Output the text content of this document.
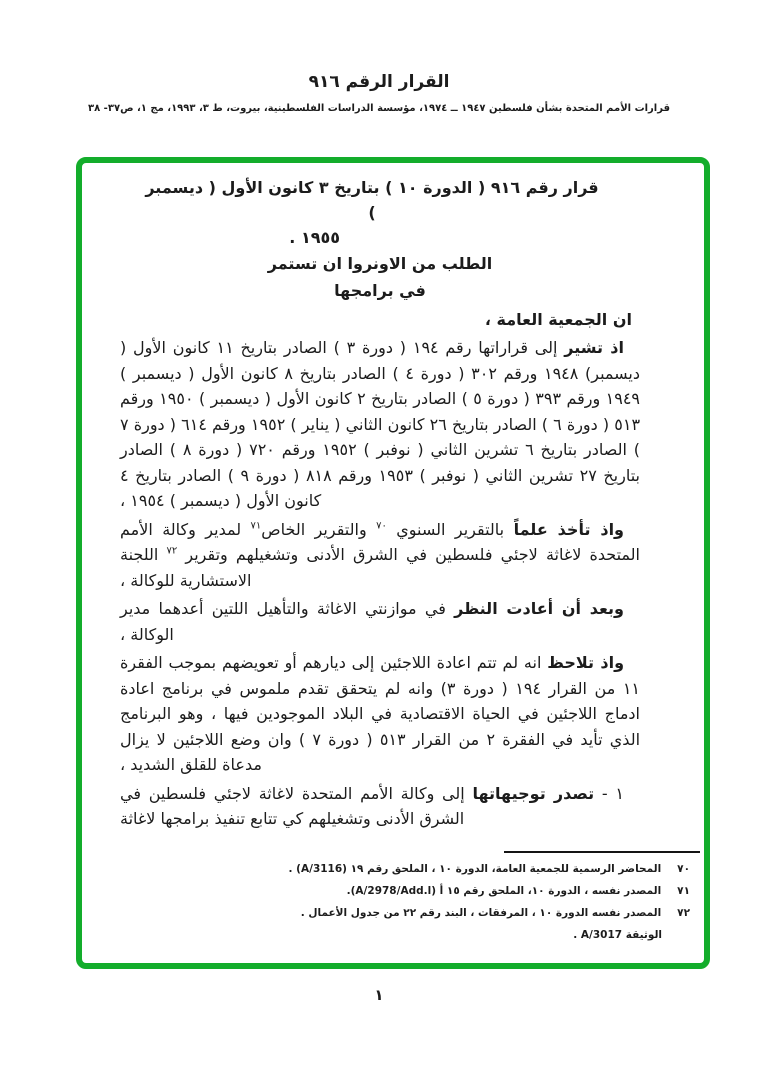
القرار الرقم ٩١٦
قرارات الأمم المتحدة بشأن فلسطين ١٩٤٧ ــ ١٩٧٤، مؤسسة الدراسات الفلسطينية، بيروت، ط ٣، ١٩٩٣، مج ١، ص٣٧- ٣٨
قرار رقم ٩١٦ ( الدورة ١٠ ) بتاريخ ٣ كانون الأول ( ديسمبر )
١٩٥٥ .
الطلب من الاونروا ان تستمر
في برامجها
ان الجمعية العامة ،

اذ تشير إلى قراراتها رقم ١٩٤ ( دورة ٣ ) الصادر بتاريخ ١١ كانون الأول ( ديسمبر) ١٩٤٨ ورقم ٣٠٢ ( دورة ٤ ) الصادر بتاريخ ٨ كانون الأول ( ديسمبر ) ١٩٤٩ ورقم ٣٩٣ ( دورة ٥ ) الصادر بتاريخ ٢ كانون الأول ( ديسمبر ) ١٩٥٠ ورقم ٥١٣ ( دورة ٦ ) الصادر بتاريخ ٢٦ كانون الثاني ( يناير ) ١٩٥٢ ورقم ٦١٤ ( دورة ٧ ) الصادر بتاريخ ٦ تشرين الثاني ( نوفبر ) ١٩٥٢ ورقم ٧٢٠ ( دورة ٨ ) الصادر بتاريخ ٢٧ تشرين الثاني ( نوفبر ) ١٩٥٣ ورقم ٨١٨ ( دورة ٩ ) الصادر بتاريخ ٤ كانون الأول ( ديسمبر ) ١٩٥٤ ،

واذ تأخذ علماً بالتقرير السنوي $^{٧٠}$ والتقرير الخاص$^{٧١}$ لمدير وكالة الأمم المتحدة لاغاثة لاجئي فلسطين في الشرق الأدنى وتشغيلهم وتقرير $^{٧٢}$ اللجنة الاستشارية للوكالة ،

وبعد أن أعادت النظر في موازنتي الاغاثة والتأهيل اللتين أعدهما مدير الوكالة ،

واذ تلاحظ انه لم تتم اعادة اللاجئين إلى ديارهم أو تعويضهم بموجب الفقرة ١١ من القرار ١٩٤ ( دورة ٣) وانه لم يتحقق تقدم ملموس في برنامج اعادة ادماج اللاجئين في الحياة الاقتصادية في البلاد الموجودين فيها ، وهو البرنامج الذي تأيد في الفقرة ٢ من القرار ٥١٣ ( دورة ٧ ) وان وضع اللاجئين لا يزال مدعاة للقلق الشديد ،

١ - تصدر توجيهاتها إلى وكالة الأمم المتحدة لاغاثة لاجئي فلسطين في الشرق الأدنى وتشغيلهم كي تتابع تنفيذ برامجها لاغاثة

٧٠المحاضر الرسمية للجمعية العامة، الدورة ١٠ ، الملحق رقم ١٩ (A/3116) .
٧١المصدر نفسه ، الدورة ١٠، الملحق رقم ١٥ أ (A/2978/Add.l).
٧٢المصدر نفسه الدورة ١٠ ، المرفقات ، البند رقم ٢٢ من جدول الأعمال .
الوثيقة A/3017 .
١
